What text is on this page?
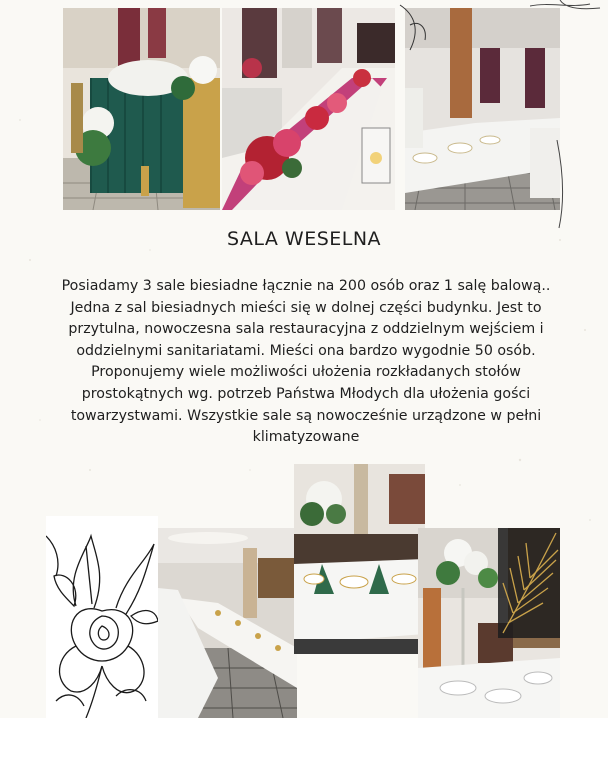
SALA WESELNA
Posiadamy 3 sale biesiadne łącznie na 200 osób oraz 1 salę balową.. Jedna z sal biesiadnych mieści się w dolnej części budynku. Jest to przytulna, nowoczesna sala restauracyjna z oddzielnym wejściem i oddzielnymi sanitariatami. Mieści ona bardzo wygodnie 50 osób. Proponujemy wiele możliwości ułożenia rozkładanych stołów prostokątnych wg. potrzeb Państwa Młodych dla ułożenia gości towarzystwami. Wszystkie sale są nowocześnie urządzone w pełni klimatyzowane
